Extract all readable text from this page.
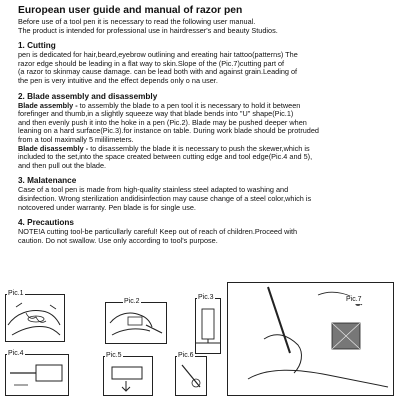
European user guide and manual of razor pen
Before use of a tool pen it is necessary to read the following user manual.
The product is intended for professional use in hairdresser's and beauty Studios.
1. Cutting
pen is dedicated for hair,beard,eyebrow outlining and ereating hair tattoo(patterns) The
razor edge should be leading in a flat way to skin.Slope of the (Pic.7)cutting part of
(a razor to skinmay cause damage. can be lead both with and against grain.Leading of
the pen is very intuitive and the effect depends only o na user.
2. Blade assembly and disassembly
Blade assembly - to assembly the blade to a pen tool it is necessary to hold it between
forefinger and thumb,in a slightly squeeze way that blade bends into "U" shape(Pic.1)
and then evenly push it into the hoke in a pen (Pic.2). Blade may be pushed deeper when
leaning on a hard surface(Pic.3).for instance on table. During work blade should be protruded
from a tool maximally 5 mililimeters.
Blade disassembly - to disassembly the blade it is necessary to push the skewer,which is
included to the set,into the space created between cutting edge and tool edge(Pic.4 and 5),
and then pull out the blade.
3. Malatenance
Case of a tool pen is made from high-quality stainless steel adapted to washing and
disinfection. Wrong sterilization andidisinfection may cause change of a steel color,which is
notcovered under warranty. Pen blade is for single use.
4. Precautions
NOTE!A cutting tool-be particullarly careful! Keep out of reach of children.Proceed with
caution. Do not swallow. Use only according to tool's purpose.
Pic.1
Pic.2
Pic.3
Pic.4	Pic.5	Pic.6
Pic.7
